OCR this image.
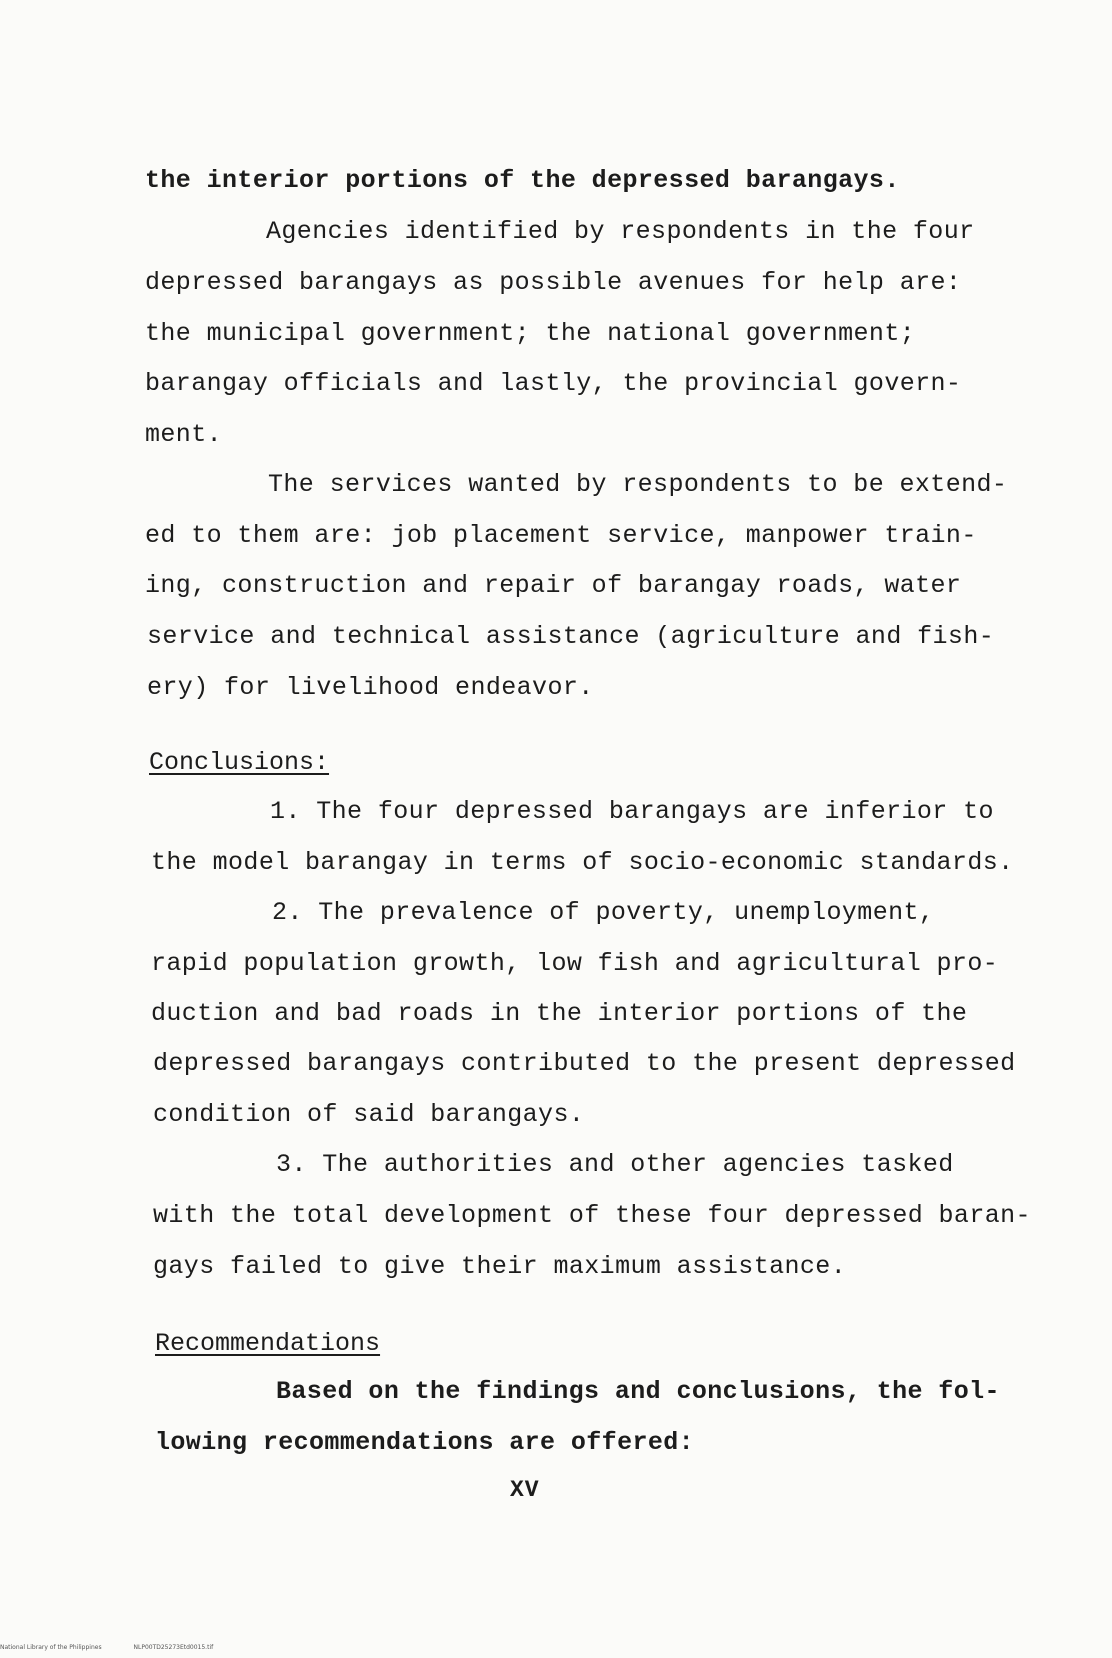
the interior portions of the depressed barangays.

Agencies identified by respondents in the four

depressed barangays as possible avenues for help are:

the municipal government; the national government;

barangay officials and lastly, the provincial govern-

ment.

The services wanted by respondents to be extend-

ed to them are: job placement service, manpower train-

ing, construction and repair of barangay roads, water

service and technical assistance (agriculture and fish-

ery) for livelihood endeavor.

Conclusions:

1. The four depressed barangays are inferior to

the model barangay in terms of socio-economic standards.

2. The prevalence of poverty, unemployment,

rapid population growth, low fish and agricultural pro-

duction and bad roads in the interior portions of the

depressed barangays contributed to the present depressed

condition of said barangays.

3. The authorities and other agencies tasked

with the total development of these four depressed baran-

gays failed to give their maximum assistance.

Recommendations

Based on the findings and conclusions, the fol-

lowing recommendations are offered:

XV

National Library of the Philippines	NLP00TD25273Etd0015.tif
